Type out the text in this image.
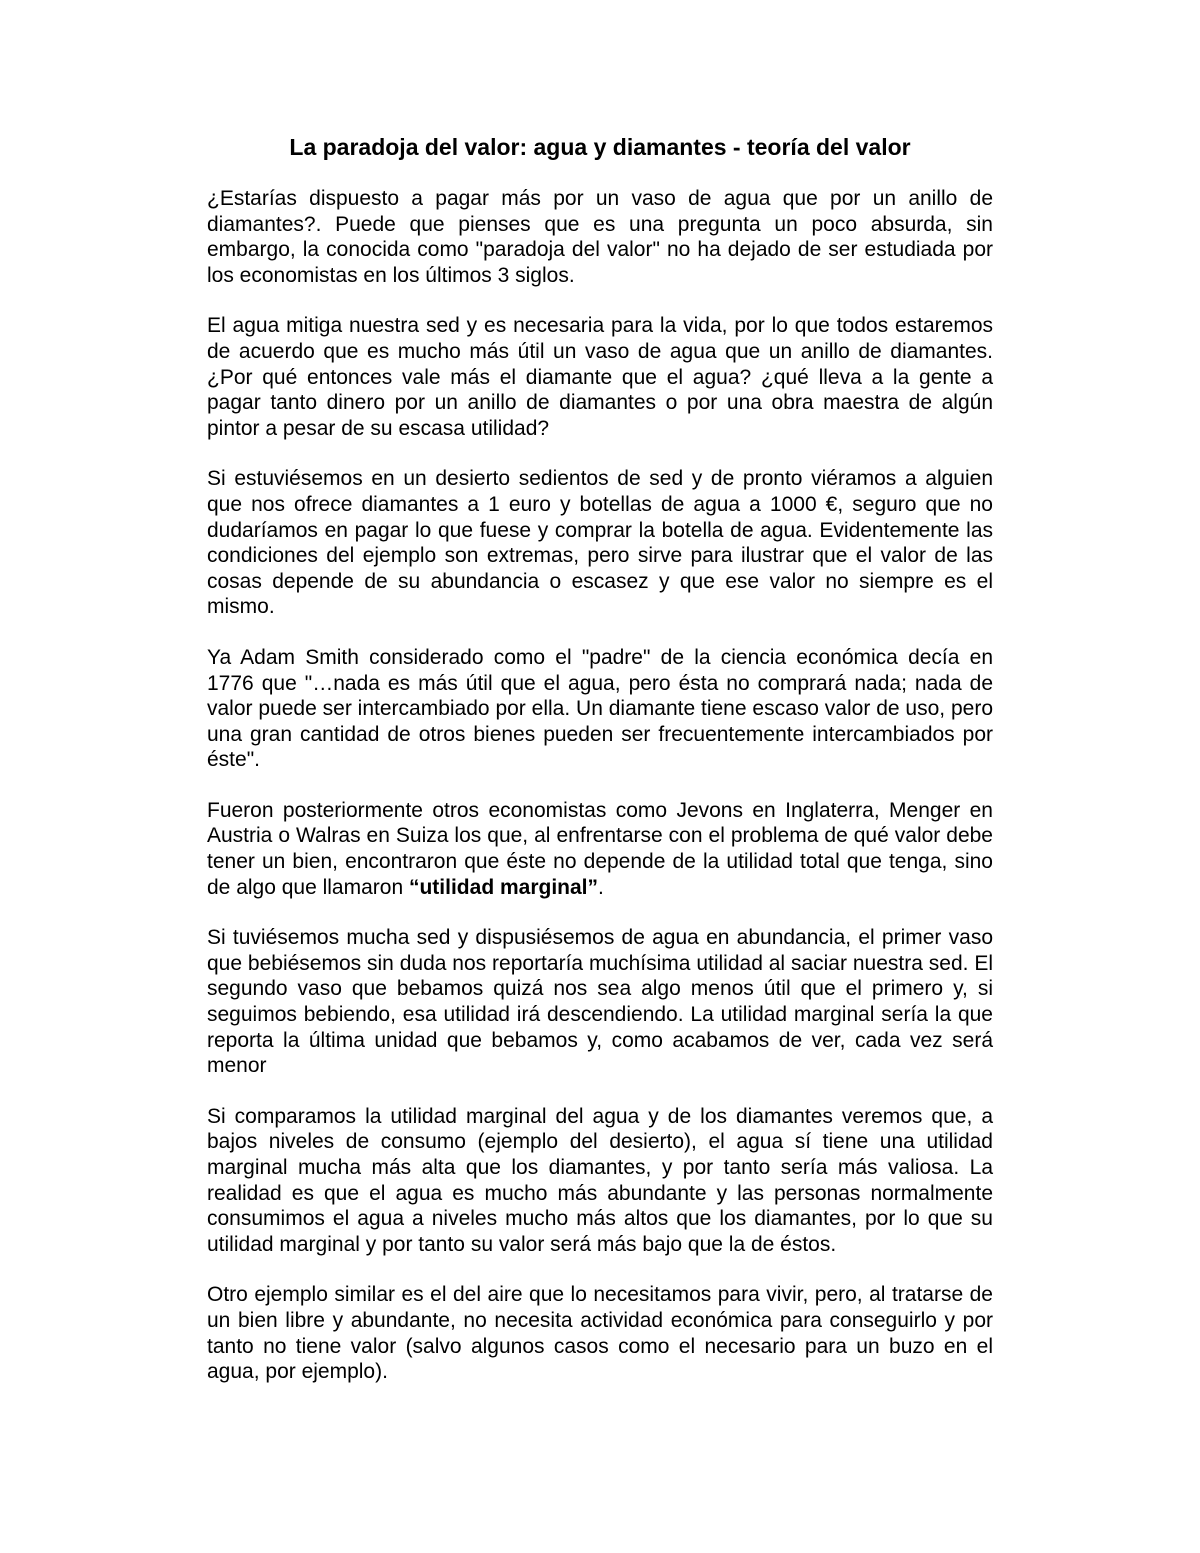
La paradoja del valor: agua y diamantes - teoría del valor

¿Estarías dispuesto a pagar más por un vaso de agua que por un anillo de diamantes?. Puede que pienses que es una pregunta un poco absurda, sin embargo, la conocida como "paradoja del valor" no ha dejado de ser estudiada por los economistas en los últimos 3 siglos.

El agua mitiga nuestra sed y es necesaria para la vida, por lo que todos estaremos de acuerdo que es mucho más útil un vaso de agua que un anillo de diamantes. ¿Por qué entonces vale más el diamante que el agua? ¿qué lleva a la gente a pagar tanto dinero por un anillo de diamantes o por una obra maestra de algún pintor a pesar de su escasa utilidad?

Si estuviésemos en un desierto sedientos de sed y de pronto viéramos a alguien que nos ofrece diamantes a 1 euro y botellas de agua a 1000 €, seguro que no dudaríamos en pagar lo que fuese y comprar la botella de agua. Evidentemente las condiciones del ejemplo son extremas, pero sirve para ilustrar que el valor de las cosas depende de su abundancia o escasez y que ese valor no siempre es el mismo.

Ya Adam Smith considerado como el "padre" de la ciencia económica decía en 1776 que "…nada es más útil que el agua, pero ésta no comprará nada; nada de valor puede ser intercambiado por ella. Un diamante tiene escaso valor de uso, pero una gran cantidad de otros bienes pueden ser frecuentemente intercambiados por éste".

Fueron posteriormente otros economistas como Jevons en Inglaterra, Menger en Austria o Walras en Suiza los que, al enfrentarse con el problema de qué valor debe tener un bien, encontraron que éste no depende de la utilidad total que tenga, sino de algo que llamaron “utilidad marginal”.

Si tuviésemos mucha sed y dispusiésemos de agua en abundancia, el primer vaso que bebiésemos sin duda nos reportaría muchísima utilidad al saciar nuestra sed. El segundo vaso que bebamos quizá nos sea algo menos útil que el primero y, si seguimos bebiendo, esa utilidad irá descendiendo. La utilidad marginal sería la que reporta la última unidad que bebamos y, como acabamos de ver, cada vez será menor

Si comparamos la utilidad marginal del agua y de los diamantes veremos que, a bajos niveles de consumo (ejemplo del desierto), el agua sí tiene una utilidad marginal mucha más alta que los diamantes, y por tanto sería más valiosa. La realidad es que el agua es mucho más abundante y las personas normalmente consumimos el agua a niveles mucho más altos que los diamantes, por lo que su utilidad marginal y por tanto su valor será más bajo que la de éstos.

Otro ejemplo similar es el del aire que lo necesitamos para vivir, pero, al tratarse de un bien libre y abundante, no necesita actividad económica para conseguirlo y por tanto no tiene valor (salvo algunos casos como el necesario para un buzo en el agua, por ejemplo).
